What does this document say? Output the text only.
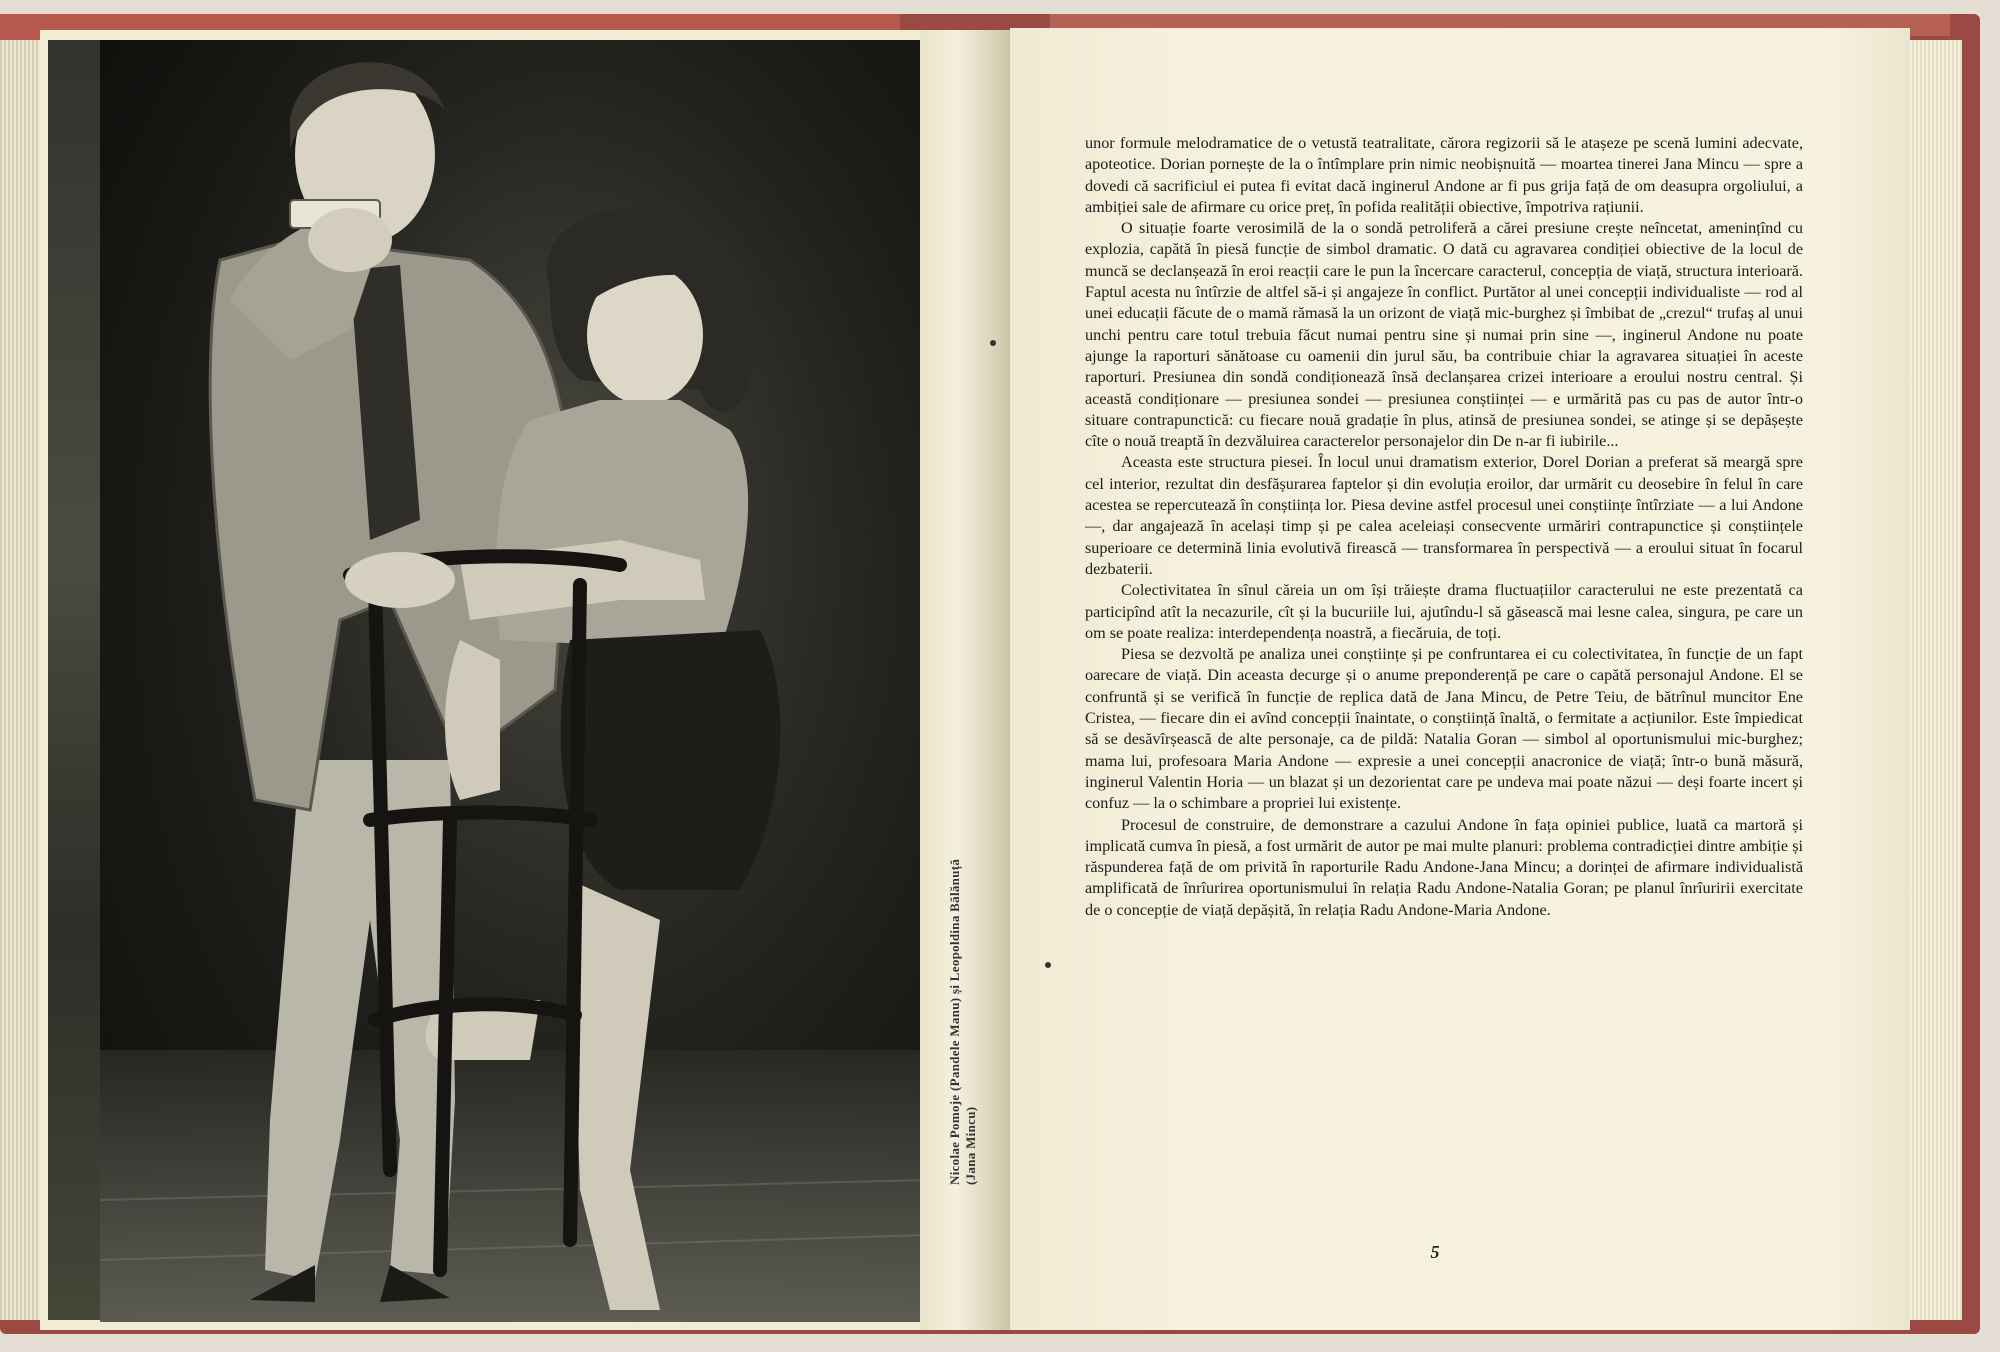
Nicolae Pomoje (Pandele Manu) și Leopoldina Bălănuță (Jana Mincu)

unor formule melodramatice de o vetustă teatralitate, cărora regizorii să le atașeze pe scenă lumini adecvate, apoteotice. Dorian pornește de la o întîmplare prin nimic neobișnuită — moartea tinerei Jana Mincu — spre a dovedi că sacrificiul ei putea fi evitat dacă inginerul Andone ar fi pus grija față de om deasupra orgoliului, a ambiției sale de afirmare cu orice preț, în pofida realității obiective, împotriva rațiunii.

O situație foarte verosimilă de la o sondă petroliferă a cărei presiune crește neîncetat, amenințînd cu explozia, capătă în piesă funcție de simbol dramatic. O dată cu agravarea condiției obiective de la locul de muncă se declanșează în eroi reacții care le pun la încercare caracterul, concepția de viață, structura interioară. Faptul acesta nu întîrzie de altfel să-i și angajeze în conflict. Purtător al unei concepții individualiste — rod al unei educații făcute de o mamă rămasă la un orizont de viață mic-burghez și îmbibat de „crezul“ trufaș al unui unchi pentru care totul trebuia făcut numai pentru sine și numai prin sine —, inginerul Andone nu poate ajunge la raporturi sănătoase cu oamenii din jurul său, ba contribuie chiar la agravarea situației în aceste raporturi. Presiunea din sondă condiționează însă declanșarea crizei interioare a eroului nostru central. Și această condiționare — presiunea sondei — presiunea conștiinței — e urmărită pas cu pas de autor într-o situare contrapunctică: cu fiecare nouă gradație în plus, atinsă de presiunea sondei, se atinge și se depășește cîte o nouă treaptă în dezvăluirea caracterelor personajelor din De n-ar fi iubirile...

Aceasta este structura piesei. În locul unui dramatism exterior, Dorel Dorian a preferat să meargă spre cel interior, rezultat din desfășurarea faptelor și din evoluția eroilor, dar urmărit cu deosebire în felul în care acestea se repercutează în conștiința lor. Piesa devine astfel procesul unei conștiințe întîrziate — a lui Andone —, dar angajează în același timp și pe calea aceleiași consecvente urmăriri contrapunctice și conștiințele superioare ce determină linia evolutivă firească — transformarea în perspectivă — a eroului situat în focarul dezbaterii.

Colectivitatea în sînul căreia un om își trăiește drama fluctuațiilor caracterului ne este prezentată ca participînd atît la necazurile, cît și la bucuriile lui, ajutîndu-l să găsească mai lesne calea, singura, pe care un om se poate realiza: interdependența noastră, a fiecăruia, de toți.

Piesa se dezvoltă pe analiza unei conștiințe și pe confruntarea ei cu colectivitatea, în funcție de un fapt oarecare de viață. Din aceasta decurge și o anume preponderență pe care o capătă personajul Andone. El se confruntă și se verifică în funcție de replica dată de Jana Mincu, de Petre Teiu, de bătrînul muncitor Ene Cristea, — fiecare din ei avînd concepții înaintate, o conștiință înaltă, o fermitate a acțiunilor. Este împiedicat să se desăvîrșească de alte personaje, ca de pildă: Natalia Goran — simbol al oportunismului mic-burghez; mama lui, profesoara Maria Andone — expresie a unei concepții anacronice de viață; într-o bună măsură, inginerul Valentin Horia — un blazat și un dezorientat care pe undeva mai poate năzui — deși foarte incert și confuz — la o schimbare a propriei lui existențe.

Procesul de construire, de demonstrare a cazului Andone în fața opiniei publice, luată ca martoră și implicată cumva în piesă, a fost urmărit de autor pe mai multe planuri: problema contradicției dintre ambiție și răspunderea față de om privită în raporturile Radu Andone-Jana Mincu; a dorinței de afirmare individualistă amplificată de înrîurirea oportunismului în relația Radu Andone-Natalia Goran; pe planul înrîuririi exercitate de o concepție de viață depășită, în relația Radu Andone-Maria Andone.

5
